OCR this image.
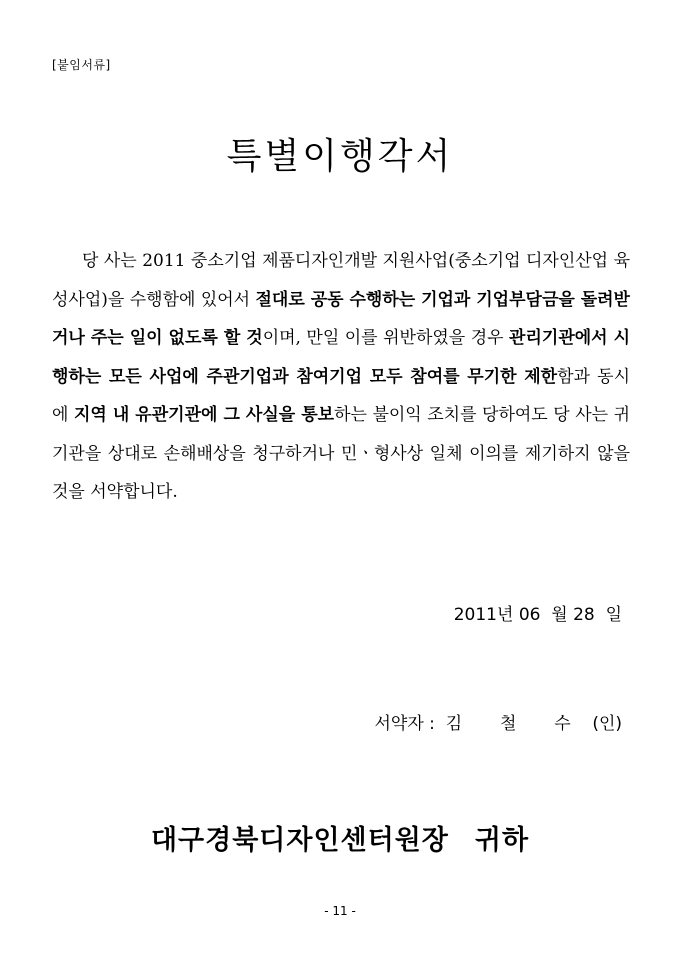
[붙임서류]
특별이행각서
당 사는 2011 중소기업 제품디자인개발 지원사업(중소기업 디자인산업 육성사업)을 수행함에 있어서 절대로 공동 수행하는 기업과 기업부담금을 돌려받거나 주는 일이 없도록 할 것이며, 만일 이를 위반하였을 경우 관리기관에서 시행하는 모든 사업에 주관기업과 참여기업 모두 참여를 무기한 제한함과 동시에 지역 내 유관기관에 그 사실을 통보하는 불이익 조치를 당하여도 당 사는 귀 기관을 상대로 손해배상을 청구하거나 민ㆍ형사상 일체 이의를 제기하지 않을 것을 서약합니다.
2011년 06 월 28 일
서약자 : 김 철 수 (인)
대구경북디자인센터원장 귀하
- 11 -
